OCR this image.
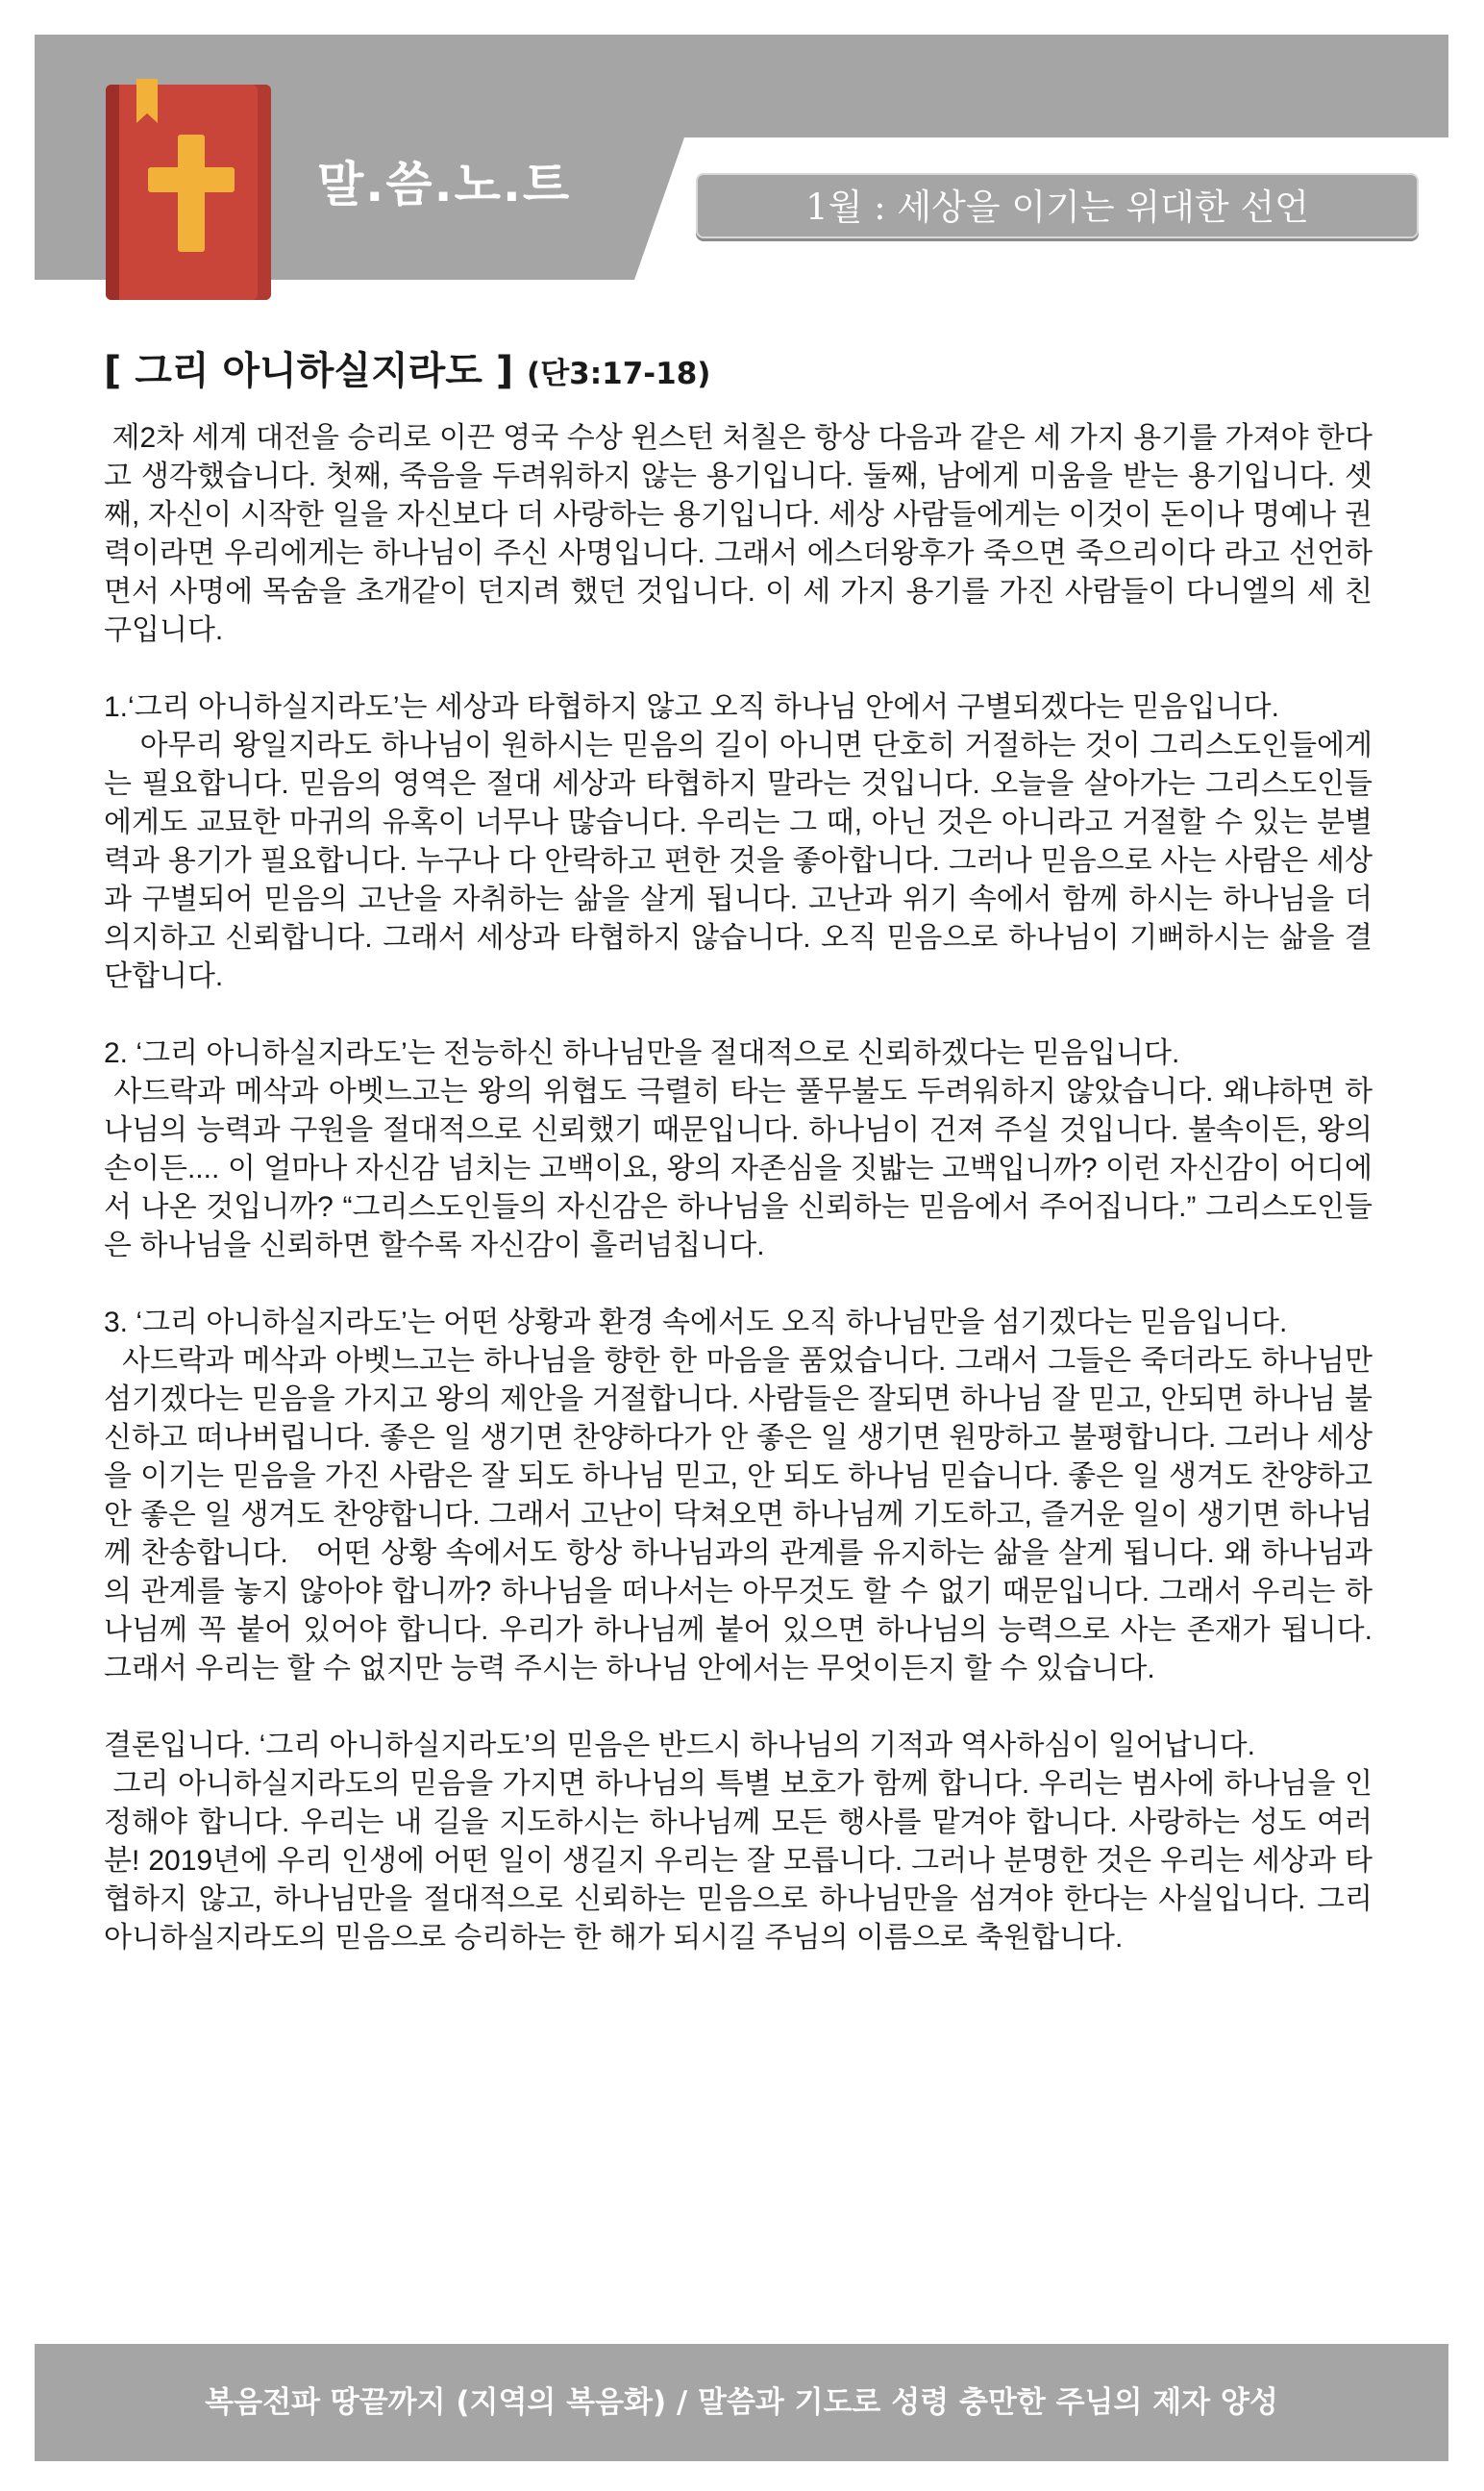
말.씀.노.트	1월 : 세상을 이기는 위대한 선언
[ 그리 아니하실지라도 ] (단3:17-18)

제2차 세계 대전을 승리로 이끈 영국 수상 윈스턴 처칠은 항상 다음과 같은 세 가지 용기를 가져야 한다고 생각했습니다. 첫째, 죽음을 두려워하지 않는 용기입니다. 둘째, 남에게 미움을 받는 용기입니다. 셋째, 자신이 시작한 일을 자신보다 더 사랑하는 용기입니다. 세상 사람들에게는 이것이 돈이나 명예나 권력이라면 우리에게는 하나님이 주신 사명입니다. 그래서 에스더왕후가 죽으면 죽으리이다 라고 선언하면서 사명에 목숨을 초개같이 던지려 했던 것입니다. 이 세 가지 용기를 가진 사람들이 다니엘의 세 친구입니다.

1.‘그리 아니하실지라도’는 세상과 타협하지 않고 오직 하나님 안에서 구별되겠다는 믿음입니다.

아무리 왕일지라도 하나님이 원하시는 믿음의 길이 아니면 단호히 거절하는 것이 그리스도인들에게는 필요합니다. 믿음의 영역은 절대 세상과 타협하지 말라는 것입니다. 오늘을 살아가는 그리스도인들에게도 교묘한 마귀의 유혹이 너무나 많습니다. 우리는 그 때, 아닌 것은 아니라고 거절할 수 있는 분별력과 용기가 필요합니다. 누구나 다 안락하고 편한 것을 좋아합니다. 그러나 믿음으로 사는 사람은 세상과 구별되어 믿음의 고난을 자취하는 삶을 살게 됩니다. 고난과 위기 속에서 함께 하시는 하나님을 더 의지하고 신뢰합니다. 그래서 세상과 타협하지 않습니다. 오직 믿음으로 하나님이 기뻐하시는 삶을 결단합니다.

2. ‘그리 아니하실지라도’는 전능하신 하나님만을 절대적으로 신뢰하겠다는 믿음입니다.

사드락과 메삭과 아벳느고는 왕의 위협도 극렬히 타는 풀무불도 두려워하지 않았습니다. 왜냐하면 하나님의 능력과 구원을 절대적으로 신뢰했기 때문입니다. 하나님이 건져 주실 것입니다. 불속이든, 왕의 손이든.... 이 얼마나 자신감 넘치는 고백이요, 왕의 자존심을 짓밟는 고백입니까? 이런 자신감이 어디에서 나온 것입니까? “그리스도인들의 자신감은 하나님을 신뢰하는 믿음에서 주어집니다.” 그리스도인들은 하나님을 신뢰하면 할수록 자신감이 흘러넘칩니다.

3. ‘그리 아니하실지라도’는 어떤 상황과 환경 속에서도 오직 하나님만을 섬기겠다는 믿음입니다.

사드락과 메삭과 아벳느고는 하나님을 향한 한 마음을 품었습니다. 그래서 그들은 죽더라도 하나님만 섬기겠다는 믿음을 가지고 왕의 제안을 거절합니다. 사람들은 잘되면 하나님 잘 믿고, 안되면 하나님 불신하고 떠나버립니다. 좋은 일 생기면 찬양하다가 안 좋은 일 생기면 원망하고 불평합니다. 그러나 세상을 이기는 믿음을 가진 사람은 잘 되도 하나님 믿고, 안 되도 하나님 믿습니다. 좋은 일 생겨도 찬양하고 안 좋은 일 생겨도 찬양합니다. 그래서 고난이 닥쳐오면 하나님께 기도하고, 즐거운 일이 생기면 하나님께 찬송합니다.   어떤 상황 속에서도 항상 하나님과의 관계를 유지하는 삶을 살게 됩니다. 왜 하나님과의 관계를 놓지 않아야 합니까? 하나님을 떠나서는 아무것도 할 수 없기 때문입니다. 그래서 우리는 하나님께 꼭 붙어 있어야 합니다. 우리가 하나님께 붙어 있으면 하나님의 능력으로 사는 존재가 됩니다. 그래서 우리는 할 수 없지만 능력 주시는 하나님 안에서는 무엇이든지 할 수 있습니다.

결론입니다. ‘그리 아니하실지라도’의 믿음은 반드시 하나님의 기적과 역사하심이 일어납니다.

그리 아니하실지라도의 믿음을 가지면 하나님의 특별 보호가 함께 합니다. 우리는 범사에 하나님을 인정해야 합니다. 우리는 내 길을 지도하시는 하나님께 모든 행사를 맡겨야 합니다. 사랑하는 성도 여러분! 2019년에 우리 인생에 어떤 일이 생길지 우리는 잘 모릅니다. 그러나 분명한 것은 우리는 세상과 타협하지 않고, 하나님만을 절대적으로 신뢰하는 믿음으로 하나님만을 섬겨야 한다는 사실입니다. 그리 아니하실지라도의 믿음으로 승리하는 한 해가 되시길 주님의 이름으로 축원합니다.

복음전파 땅끝까지 (지역의 복음화) / 말씀과 기도로 성령 충만한 주님의 제자 양성
